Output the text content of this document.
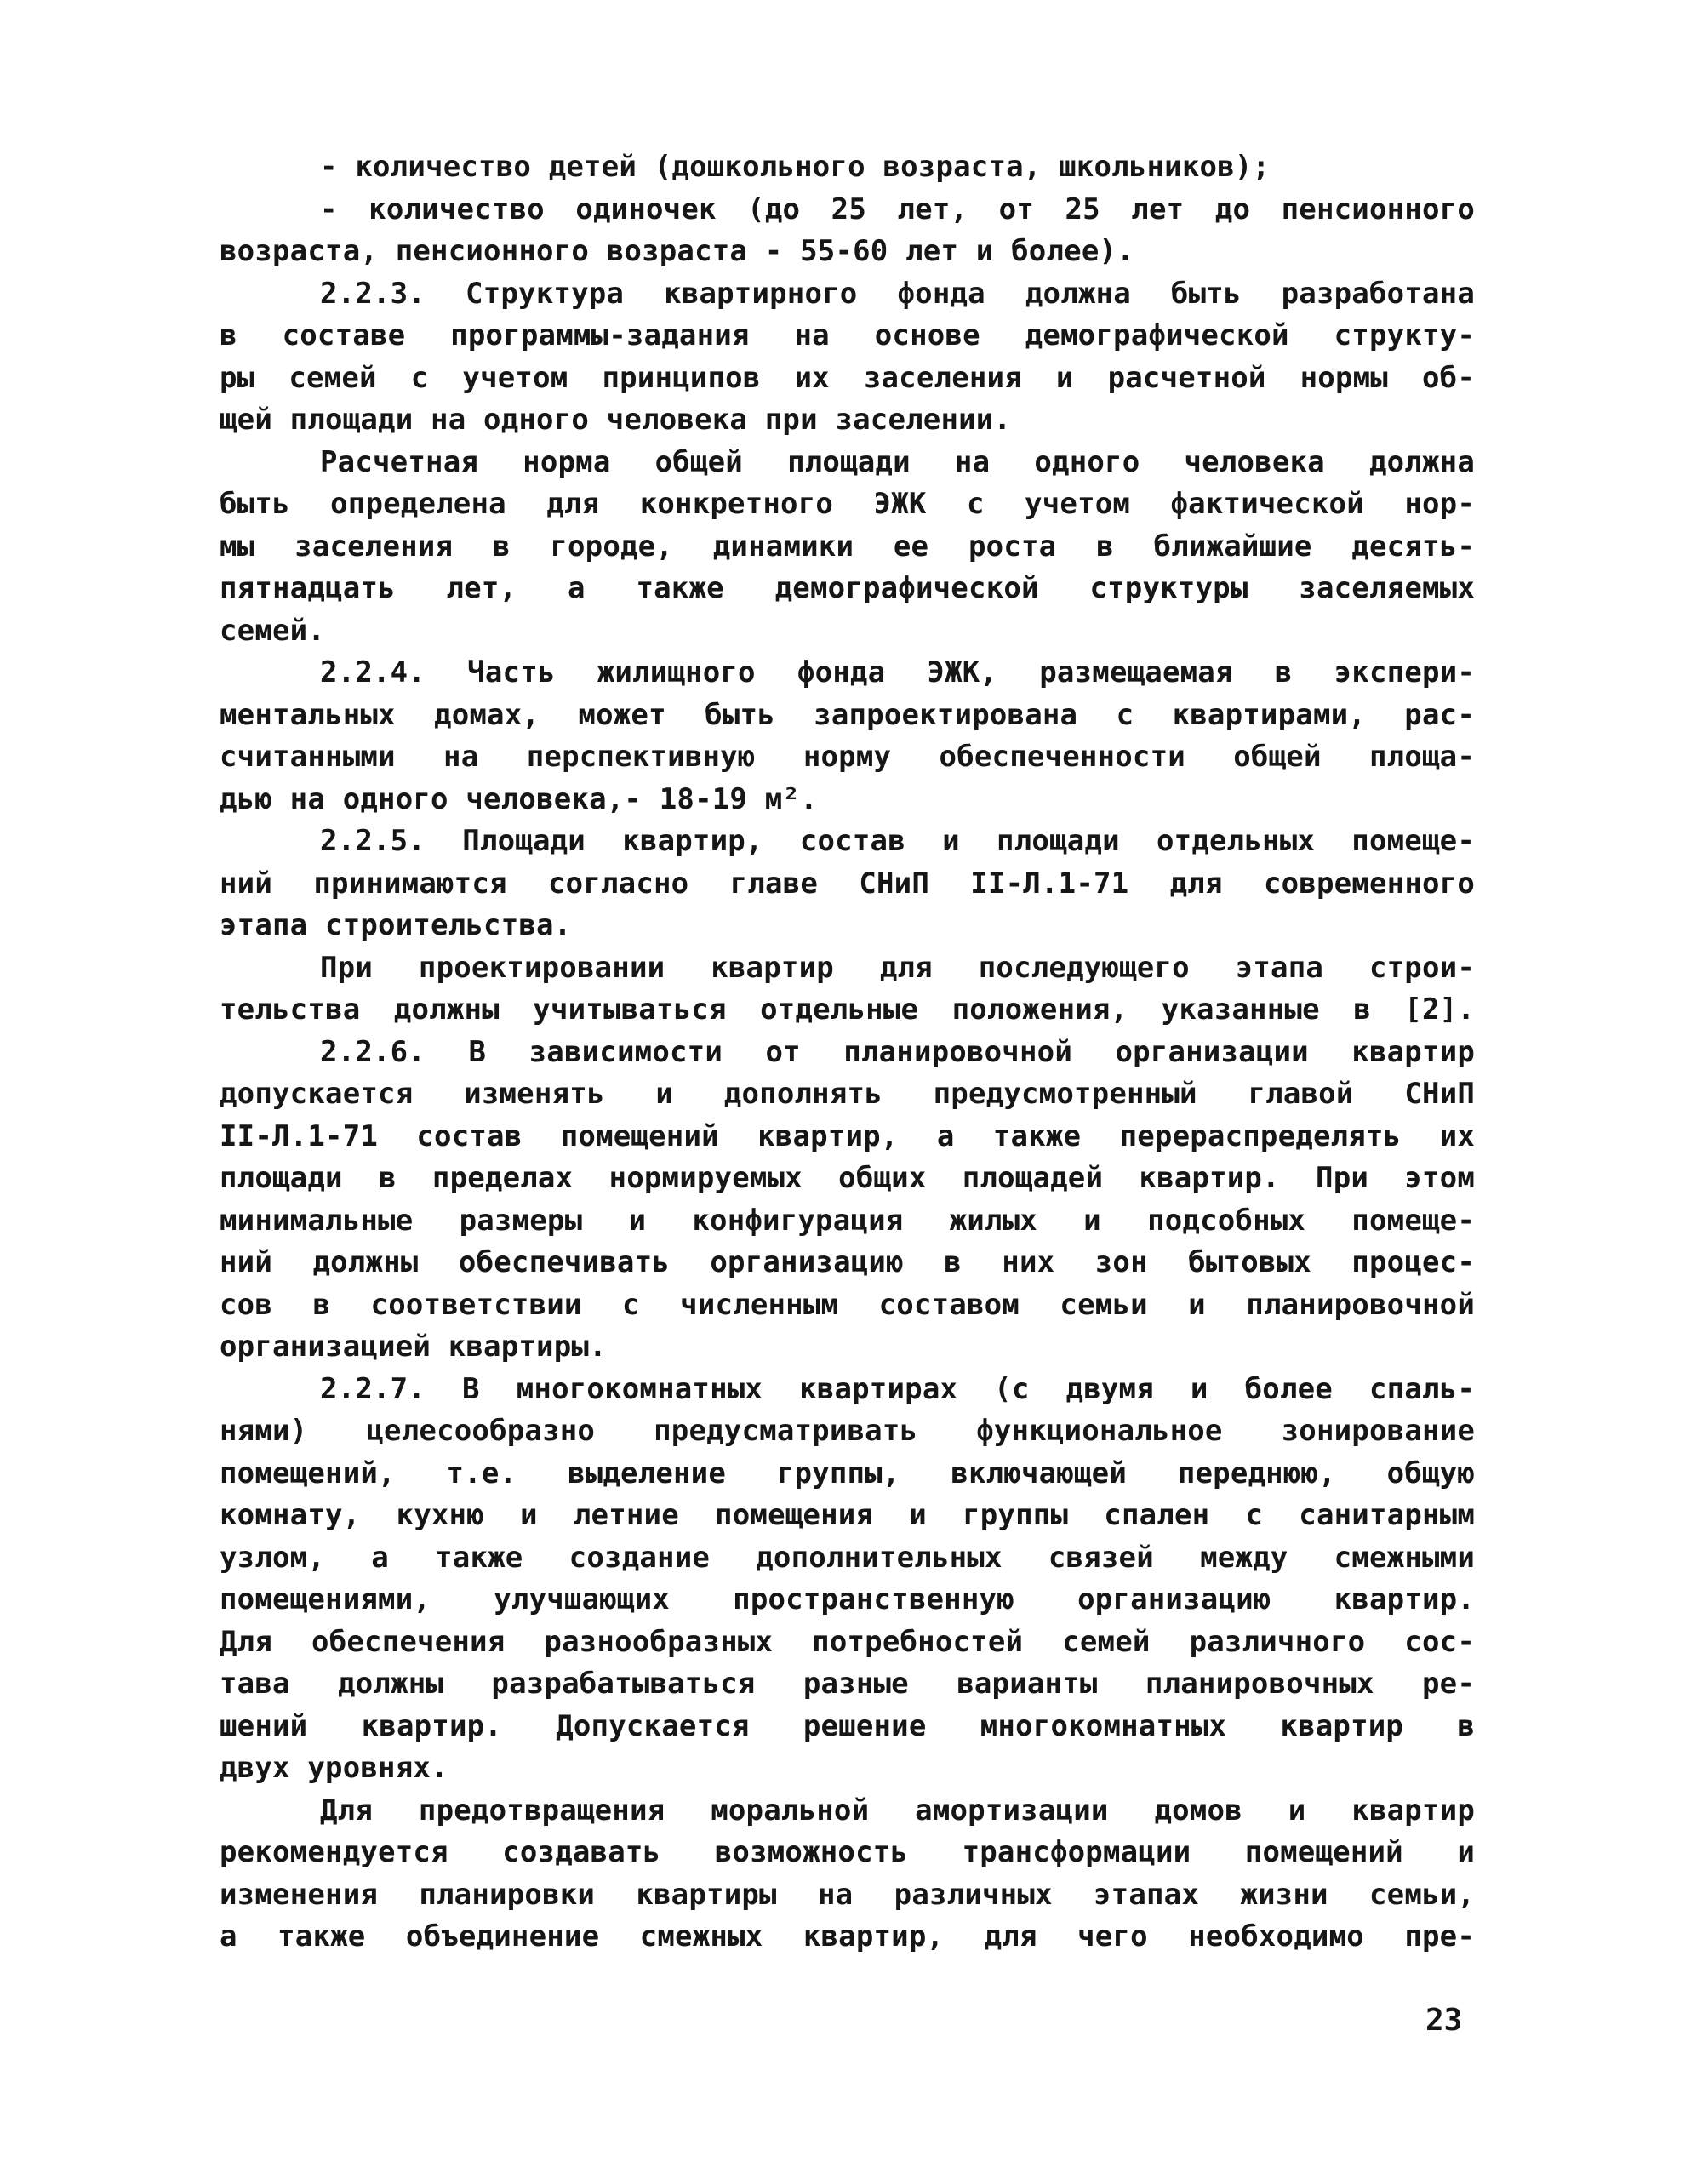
- количество детей (дошкольного возраста, школьников);
- количество одиночек (до 25 лет, от 25 лет до пенсионного
возраста, пенсионного возраста - 55-60 лет и более).
2.2.3. Структура квартирного фонда должна быть разработана
в составе программы-задания на основе демографической структу-
ры семей с учетом принципов их заселения и расчетной нормы об-
щей площади на одного человека при заселении.
Расчетная норма общей площади на одного человека должна
быть определена для конкретного ЭЖК с учетом фактической нор-
мы заселения в городе, динамики ее роста в ближайшие десять-
пятнадцать лет, а также демографической структуры заселяемых
семей.
2.2.4. Часть жилищного фонда ЭЖК, размещаемая в экспери-
ментальных домах, может быть запроектирована с квартирами, рас-
считанными на перспективную норму обеспеченности общей площа-
дью на одного человека,- 18-19 м².
2.2.5. Площади квартир, состав и площади отдельных помеще-
ний принимаются согласно главе СНиП II-Л.1-71 для современного
этапа строительства.
При проектировании квартир для последующего этапа строи-
тельства должны учитываться отдельные положения, указанные в [2].
2.2.6. В зависимости от планировочной организации квартир
допускается изменять и дополнять предусмотренный главой СНиП
II-Л.1-71 состав помещений квартир, а также перераспределять их
площади в пределах нормируемых общих площадей квартир. При этом
минимальные размеры и конфигурация жилых и подсобных помеще-
ний должны обеспечивать организацию в них зон бытовых процес-
сов в соответствии с численным составом семьи и планировочной
организацией квартиры.
2.2.7. В многокомнатных квартирах (с двумя и более спаль-
нями) целесообразно предусматривать функциональное зонирование
помещений, т.е. выделение группы, включающей переднюю, общую
комнату, кухню и летние помещения и группы спален с санитарным
узлом, а также создание дополнительных связей между смежными
помещениями, улучшающих пространственную организацию квартир.
Для обеспечения разнообразных потребностей семей различного сос-
тава должны разрабатываться разные варианты планировочных ре-
шений квартир. Допускается решение многокомнатных квартир в
двух уровнях.
Для предотвращения моральной амортизации домов и квартир
рекомендуется создавать возможность трансформации помещений и
изменения планировки квартиры на различных этапах жизни семьи,
а также объединение смежных квартир, для чего необходимо пре-
23
